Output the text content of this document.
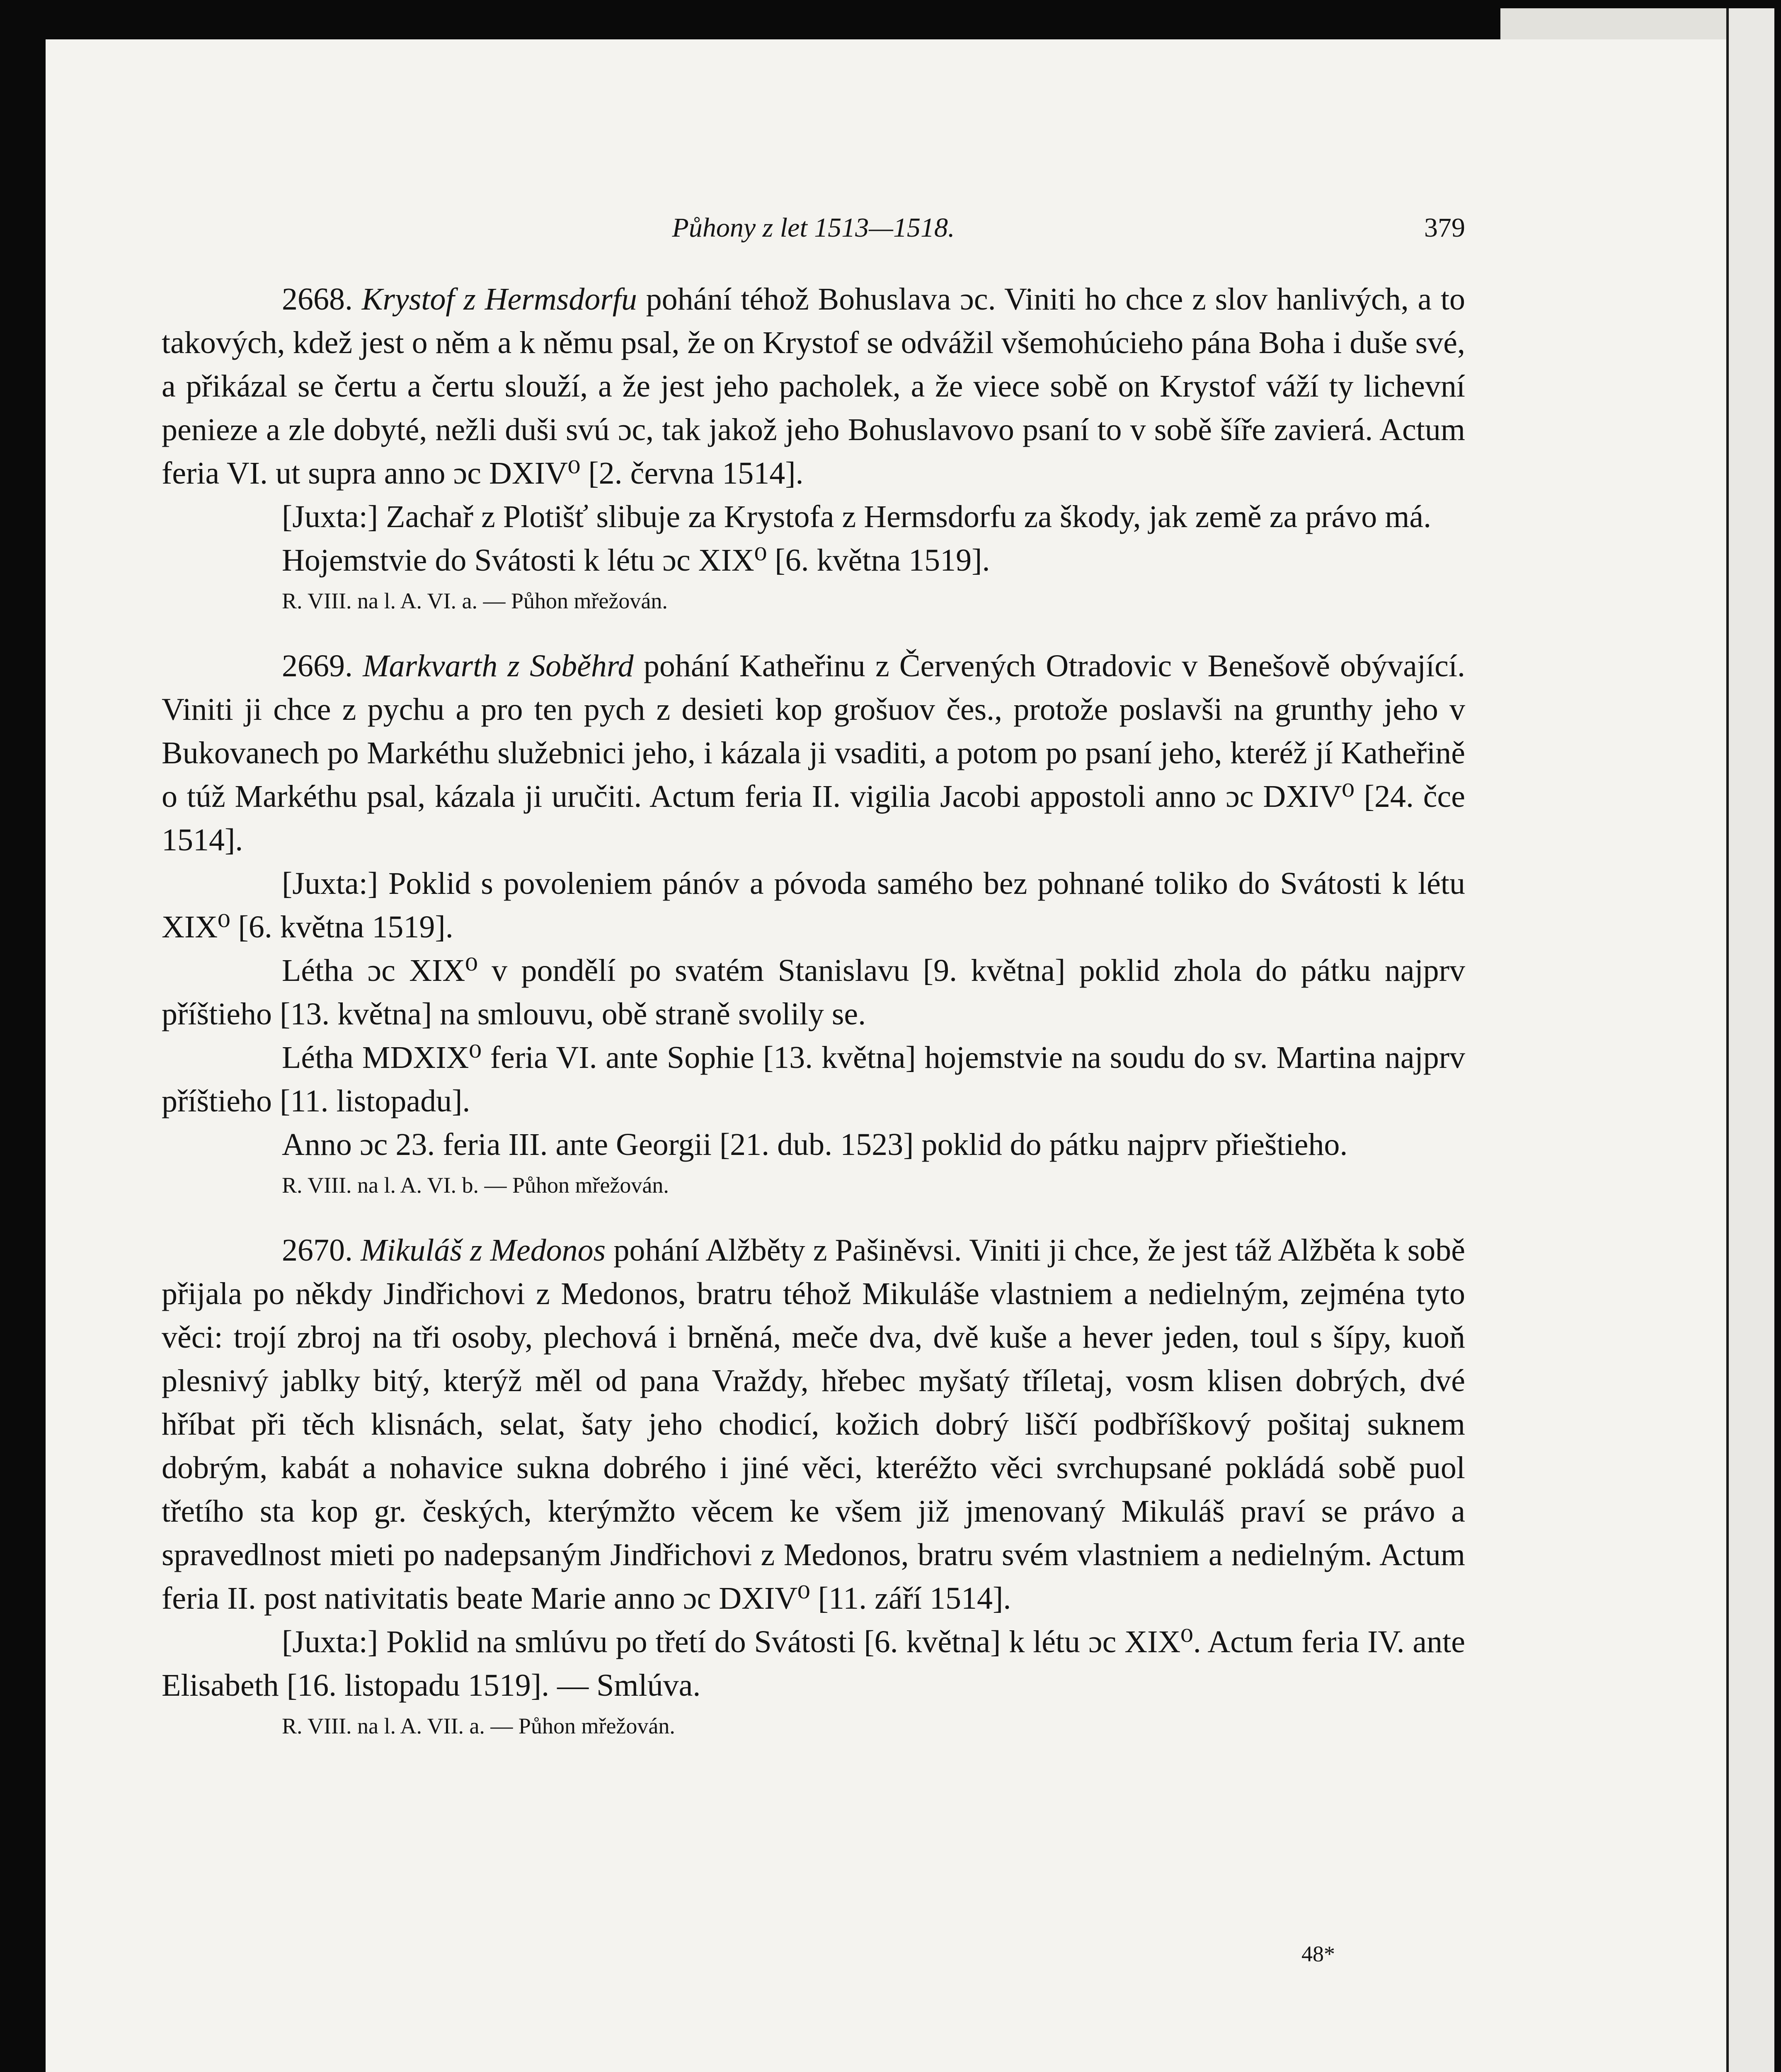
Půhony z let 1513—1518.	379

2668. Krystof z Hermsdorfu pohání téhož Bohuslava ɔc. Viniti ho chce z slov hanlivých, a to takových, kdež jest o něm a k němu psal, že on Krystof se odvážil všemohúcieho pána Boha i duše své, a přikázal se čertu a čertu slouží, a že jest jeho pacholek, a že viece sobě on Krystof váží ty lichevní penieze a zle dobyté, nežli duši svú ɔc, tak jakož jeho Bohuslavovo psaní to v sobě šíře zavierá. Actum feria VI. ut supra anno ɔc DXIV⁰ [2. června 1514].

[Juxta:] Zachař z Plotišť slibuje za Krystofa z Hermsdorfu za škody, jak země za právo má.

Hojemstvie do Svátosti k létu ɔc XIX⁰ [6. května 1519].

R. VIII. na l. A. VI. a. — Půhon mřežován.

2669. Markvarth z Soběhrd pohání Katheřinu z Červených Otradovic v Benešově obývající. Viniti ji chce z pychu a pro ten pych z desieti kop grošuov čes., protože poslavši na grunthy jeho v Bukovanech po Markéthu služebnici jeho, i kázala ji vsaditi, a potom po psaní jeho, kteréž jí Katheřině o túž Markéthu psal, kázala ji uručiti. Actum feria II. vigilia Jacobi appostoli anno ɔc DXIV⁰ [24. čce 1514].

[Juxta:] Poklid s povoleniem pánóv a póvoda samého bez pohnané toliko do Svátosti k létu XIX⁰ [6. května 1519].

Létha ɔc XIX⁰ v pondělí po svatém Stanislavu [9. května] poklid zhola do pátku najprv příštieho [13. května] na smlouvu, obě straně svolily se.

Létha MDXIX⁰ feria VI. ante Sophie [13. května] hojemstvie na soudu do sv. Martina najprv příštieho [11. listopadu].

Anno ɔc 23. feria III. ante Georgii [21. dub. 1523] poklid do pátku najprv přieštieho.

R. VIII. na l. A. VI. b. — Půhon mřežován.

2670. Mikuláš z Medonos pohání Alžběty z Pašiněvsi. Viniti ji chce, že jest táž Alžběta k sobě přijala po někdy Jindřichovi z Medonos, bratru téhož Mikuláše vlastniem a nedielným, zejména tyto věci: trojí zbroj na tři osoby, plechová i brněná, meče dva, dvě kuše a hever jeden, toul s šípy, kuoň plesnivý jablky bitý, kterýž měl od pana Vraždy, hřebec myšatý tříletaj, vosm klisen dobrých, dvé hříbat při těch klisnách, selat, šaty jeho chodicí, kožich dobrý liščí podbříškový pošitaj suknem dobrým, kabát a nohavice sukna dobrého i jiné věci, kteréžto věci svrchupsané pokládá sobě puol třetího sta kop gr. českých, kterýmžto věcem ke všem již jmenovaný Mikuláš praví se právo a spravedlnost mieti po nadepsaným Jindřichovi z Medonos, bratru svém vlastniem a nedielným. Actum feria II. post nativitatis beate Marie anno ɔc DXIV⁰ [11. září 1514].

[Juxta:] Poklid na smlúvu po třetí do Svátosti [6. května] k létu ɔc XIX⁰. Actum feria IV. ante Elisabeth [16. listopadu 1519]. — Smlúva.

R. VIII. na l. A. VII. a. — Půhon mřežován.

48*
